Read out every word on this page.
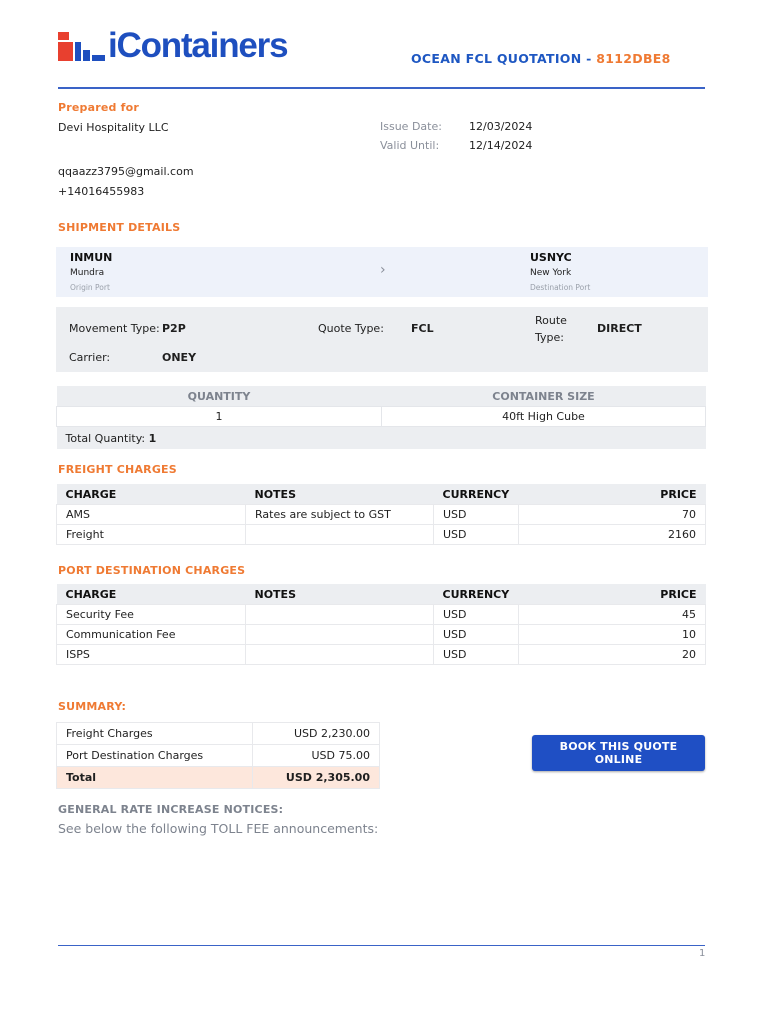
iContainers	OCEAN FCL QUOTATION - 8112DBE8
Prepared for
Devi Hospitality LLC	Issue Date: 12/03/2024
Valid Until:	12/14/2024
qqaazz3795@gmail.com
+14016455983
SHIPMENT DETAILS
INMUN
Mundra
Origin Port
›
USNYC
New York
Destination Port
Movement Type: P2P	Quote Type: FCL
Route
Type:
DIRECT
Carrier:	ONEY
QUANTITY	CONTAINER SIZE
1	40ft High Cube
Total Quantity: 1	
FREIGHT CHARGES
CHARGE	NOTES	CURRENCY	PRICE
AMS	Rates are subject to GST	USD	70
Freight		USD	2160
PORT DESTINATION CHARGES
CHARGE	NOTES	CURRENCY	PRICE
Security Fee		USD	45
Communication Fee		USD	10
ISPS		USD	20
SUMMARY:
Freight Charges	USD 2,230.00
Port Destination Charges	USD 75.00
Total	USD 2,305.00
BOOK THIS QUOTE ONLINE
GENERAL RATE INCREASE NOTICES:
See below the following TOLL FEE announcements:
1
